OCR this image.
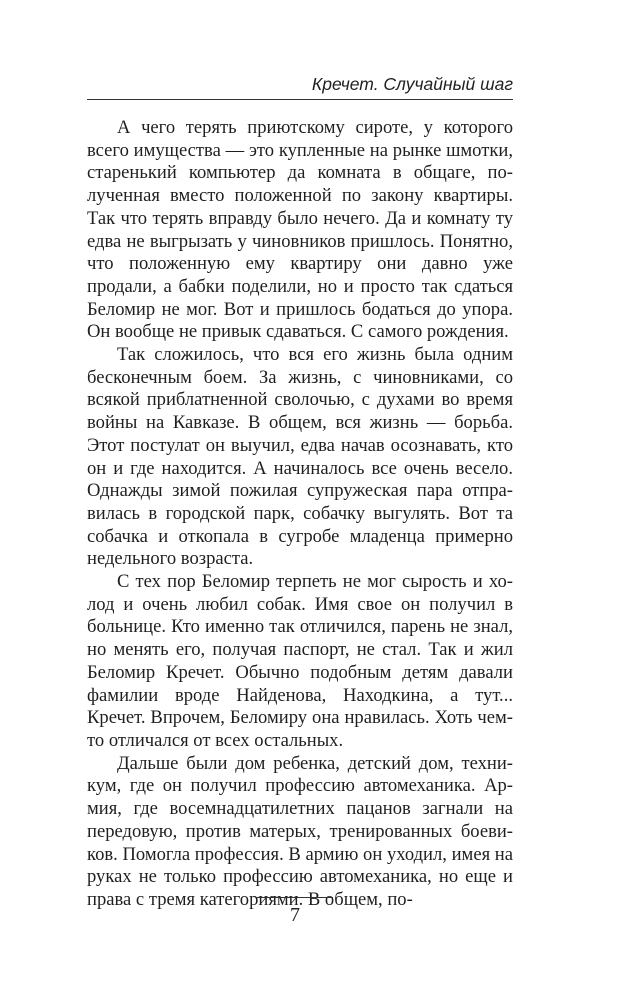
Кречет. Случайный шаг

А чего терять приютскому сироте, у которого всего имущества — это купленные на рынке шмотки, старенький компьютер да комната в общаге, полученная вместо положенной по закону квартиры. Так что терять вправду было нечего. Да и комнату ту едва не выгрызать у чиновников пришлось. Понятно, что положенную ему квартиру они давно уже продали, а бабки поделили, но и просто так сдаться Беломир не мог. Вот и пришлось бодаться до упора. Он вообще не привык сдаваться. С самого рождения.

Так сложилось, что вся его жизнь была одним бесконечным боем. За жизнь, с чиновниками, со всякой приблатненной сволочью, с духами во время войны на Кавказе. В общем, вся жизнь — борьба. Этот постулат он выучил, едва начав осознавать, кто он и где находится. А начиналось все очень весело. Однажды зимой пожилая супружеская пара отправилась в городской парк, собачку выгулять. Вот та собачка и откопала в сугробе младенца примерно недельного возраста.

С тех пор Беломир терпеть не мог сырость и холод и очень любил собак. Имя свое он получил в больнице. Кто именно так отличился, парень не знал, но менять его, получая паспорт, не стал. Так и жил Беломир Кречет. Обычно подобным детям давали фамилии вроде Найденова, Находкина, а тут... Кречет. Впрочем, Беломиру она нравилась. Хоть чем-то отличался от всех остальных.

Дальше были дом ребенка, детский дом, техникум, где он получил профессию автомеханика. Армия, где восемнадцатилетних пацанов загнали на передовую, против матерых, тренированных боевиков. Помогла профессия. В армию он уходил, имея на руках не только профессию автомеханика, но еще и права с тремя категориями. В общем, по-

7
